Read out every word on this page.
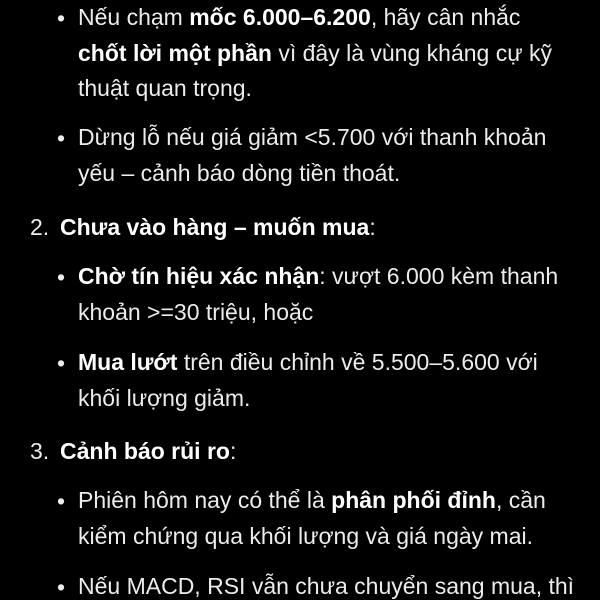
• Nếu chạm mốc 6.000–6.200, hãy cân nhắc
chốt lời một phần vì đây là vùng kháng cự kỹ
thuật quan trọng.
• Dừng lỗ nếu giá giảm <5.700 với thanh khoản
yếu – cảnh báo dòng tiền thoát.
2. Chưa vào hàng – muốn mua:
• Chờ tín hiệu xác nhận: vượt 6.000 kèm thanh
khoản >=30 triệu, hoặc
• Mua lướt trên điều chỉnh về 5.500–5.600 với
khối lượng giảm.
3. Cảnh báo rủi ro:
• Phiên hôm nay có thể là phân phối đỉnh, cần
kiểm chứng qua khối lượng và giá ngày mai.
• Nếu MACD, RSI vẫn chưa chuyển sang mua, thì
